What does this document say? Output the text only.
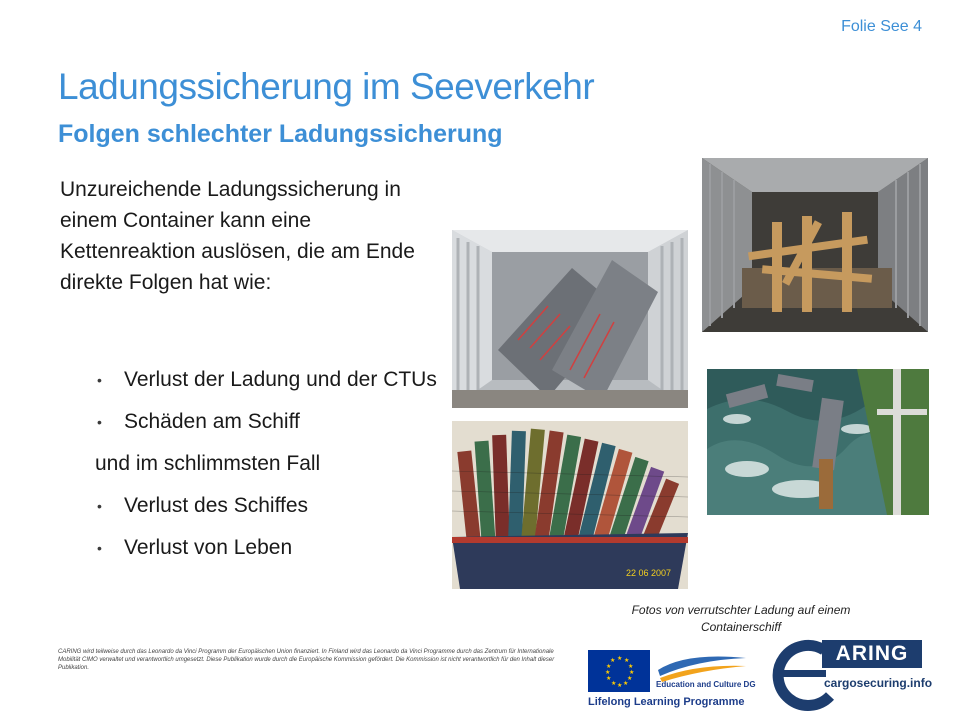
Folie See 4
Ladungssicherung im Seeverkehr
Folgen schlechter Ladungssicherung
Unzureichende Ladungssicherung in einem Container kann eine Kettenreaktion auslösen, die am Ende direkte Folgen hat wie:
• Verlust der Ladung und der CTUs
• Schäden am Schiff
und im schlimmsten Fall
• Verlust des Schiffes
• Verlust von Leben
22 06 2007
Fotos von verrutschter Ladung auf einem Containerschiff
CARING wird teilweise durch das Leonardo da Vinci Programm der Europäischen Union finanziert. In Finland wird das Leonardo da Vinci Programme durch das Zentrum für Internationale Mobilität CIMO verwaltet und verantwortlich umgesetzt. Diese Publikation wurde durch die Europäische Kommission gefördert. Die Kommission ist nicht verantwortlich für den Inhalt dieser Publikation.
★ ★
★
★
★
★
★
★
★
★
★
★
Education and Culture DG
Lifelong Learning Programme
ARING
cargosecuring.info
